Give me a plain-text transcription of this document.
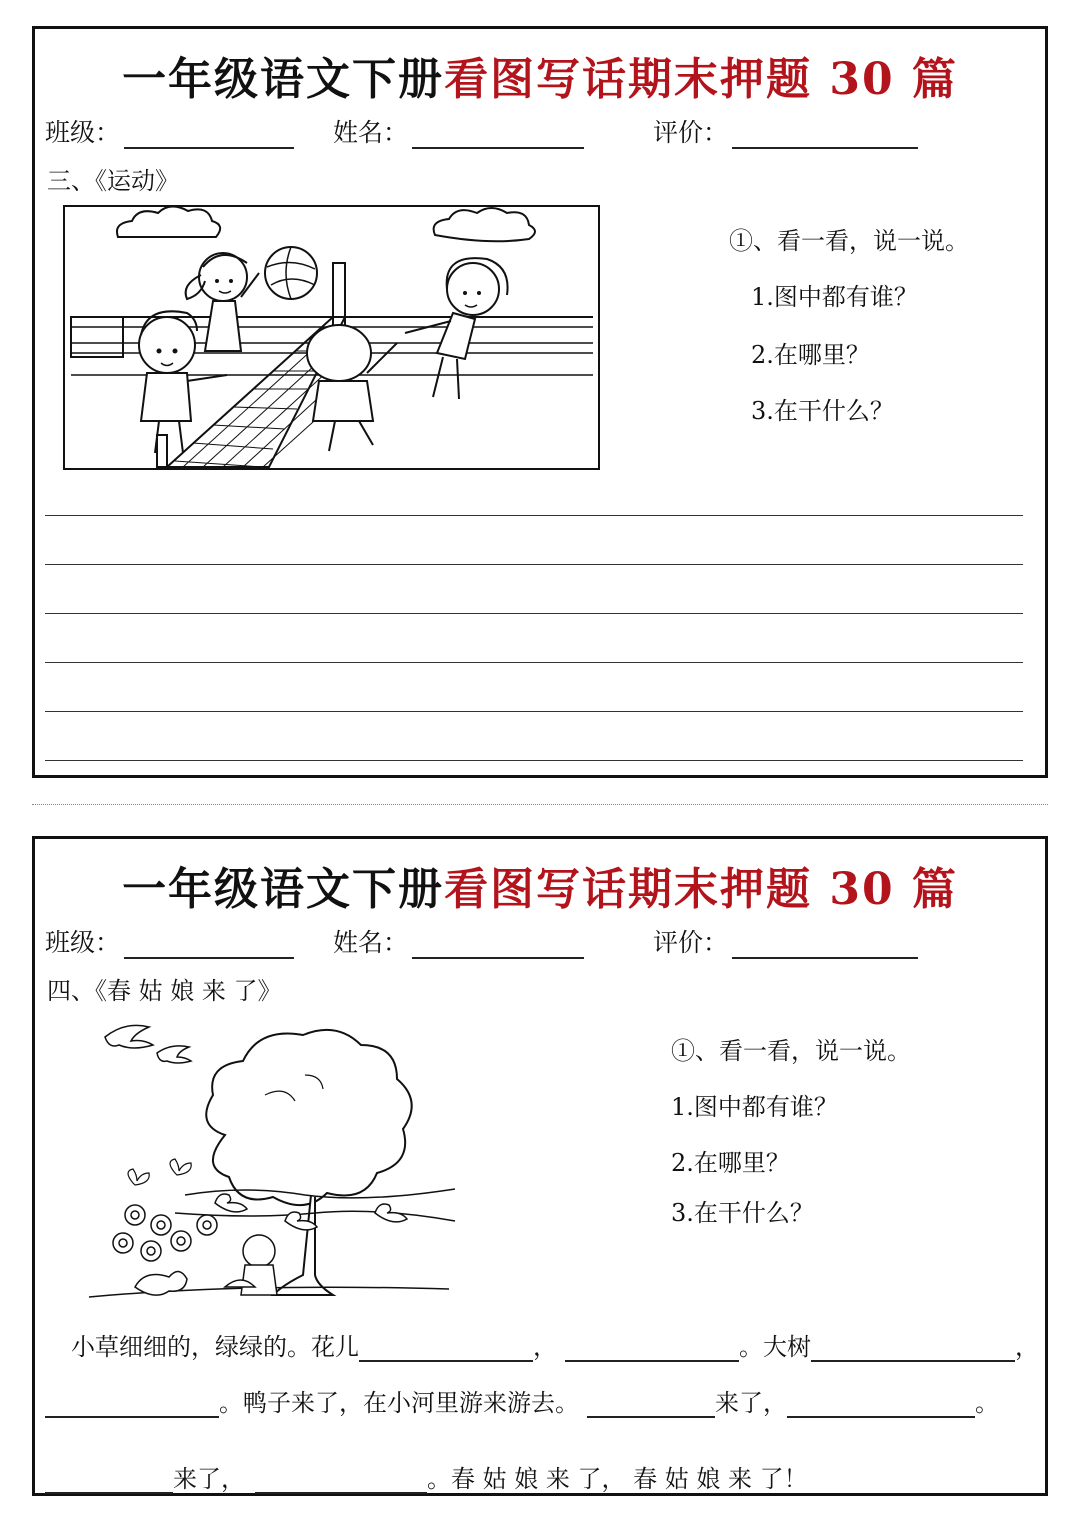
一年级语文下册看图写话期末押题 30 篇
班级：	姓名：	评价：
三、《运动》
①、看一看，说一说。
1.图中都有谁？
2.在哪里？
3.在干什么？
一年级语文下册看图写话期末押题 30 篇
班级：	姓名：	评价：
四、《春 姑 娘 来 了》
①、看一看，说一说。
1.图中都有谁？
2.在哪里？
3.在干什么？
小草细细的，绿绿的。花儿	，	。大树	，
。鸭子来了，在小河里游来游去。	来了，	。
来了，	。春 姑 娘 来 了， 春 姑 娘 来 了！
